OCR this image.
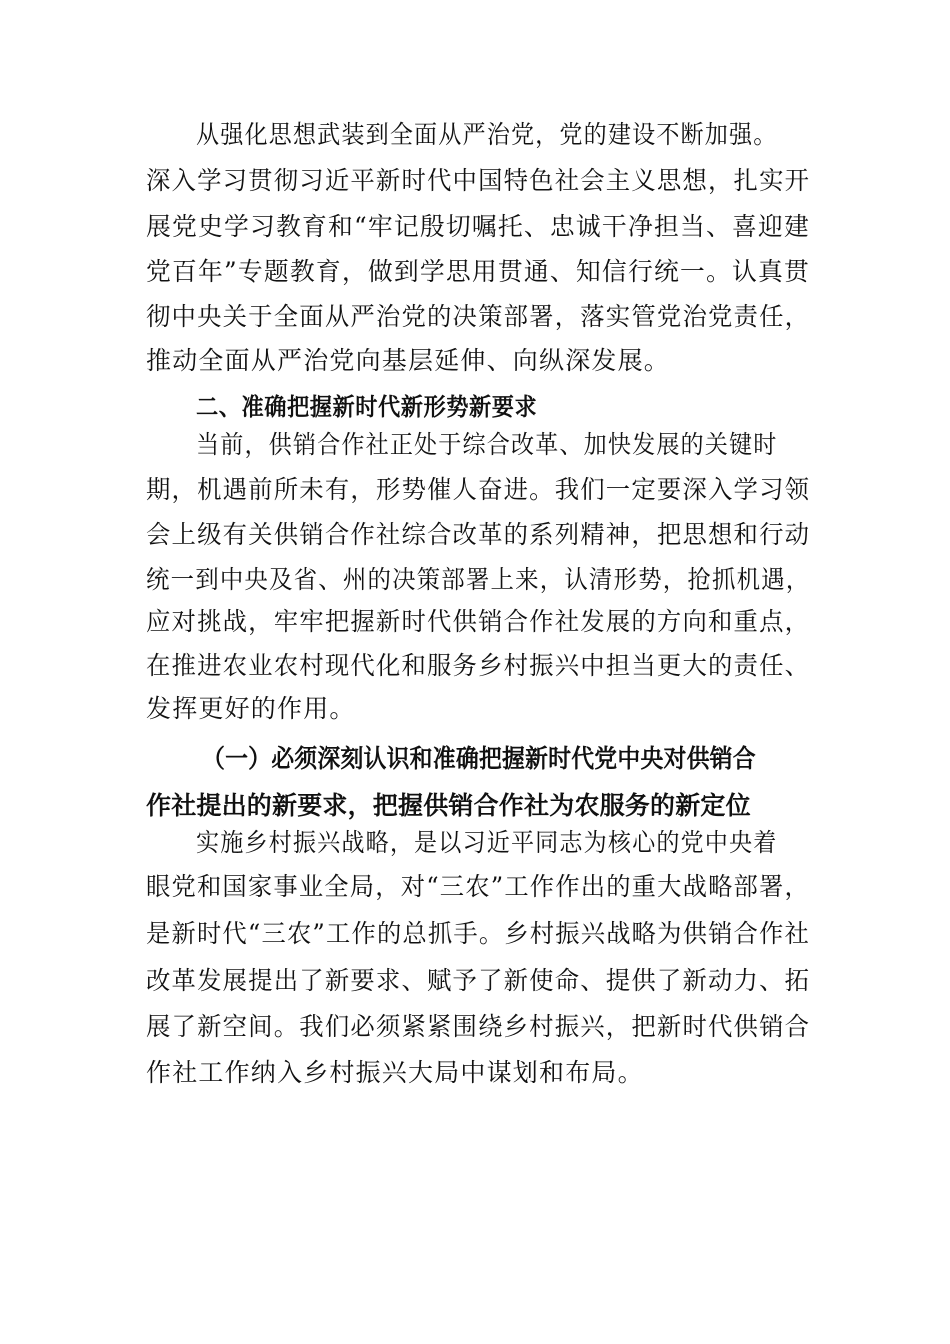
从强化思想武装到全面从严治党，党的建设不断加强。
深入学习贯彻习近平新时代中国特色社会主义思想，扎实开
展党史学习教育和“牢记殷切嘱托、忠诚干净担当、喜迎建
党百年”专题教育，做到学思用贯通、知信行统一。认真贯
彻中央关于全面从严治党的决策部署，落实管党治党责任，
推动全面从严治党向基层延伸、向纵深发展。
二、准确把握新时代新形势新要求
当前，供销合作社正处于综合改革、加快发展的关键时
期，机遇前所未有，形势催人奋进。我们一定要深入学习领
会上级有关供销合作社综合改革的系列精神，把思想和行动
统一到中央及省、州的决策部署上来，认清形势，抢抓机遇，
应对挑战，牢牢把握新时代供销合作社发展的方向和重点，
在推进农业农村现代化和服务乡村振兴中担当更大的责任、
发挥更好的作用。
（一）必须深刻认识和准确把握新时代党中央对供销合
作社提出的新要求，把握供销合作社为农服务的新定位
实施乡村振兴战略，是以习近平同志为核心的党中央着
眼党和国家事业全局，对“三农”工作作出的重大战略部署，
是新时代“三农”工作的总抓手。乡村振兴战略为供销合作社
改革发展提出了新要求、赋予了新使命、提供了新动力、拓
展了新空间。我们必须紧紧围绕乡村振兴，把新时代供销合
作社工作纳入乡村振兴大局中谋划和布局。
